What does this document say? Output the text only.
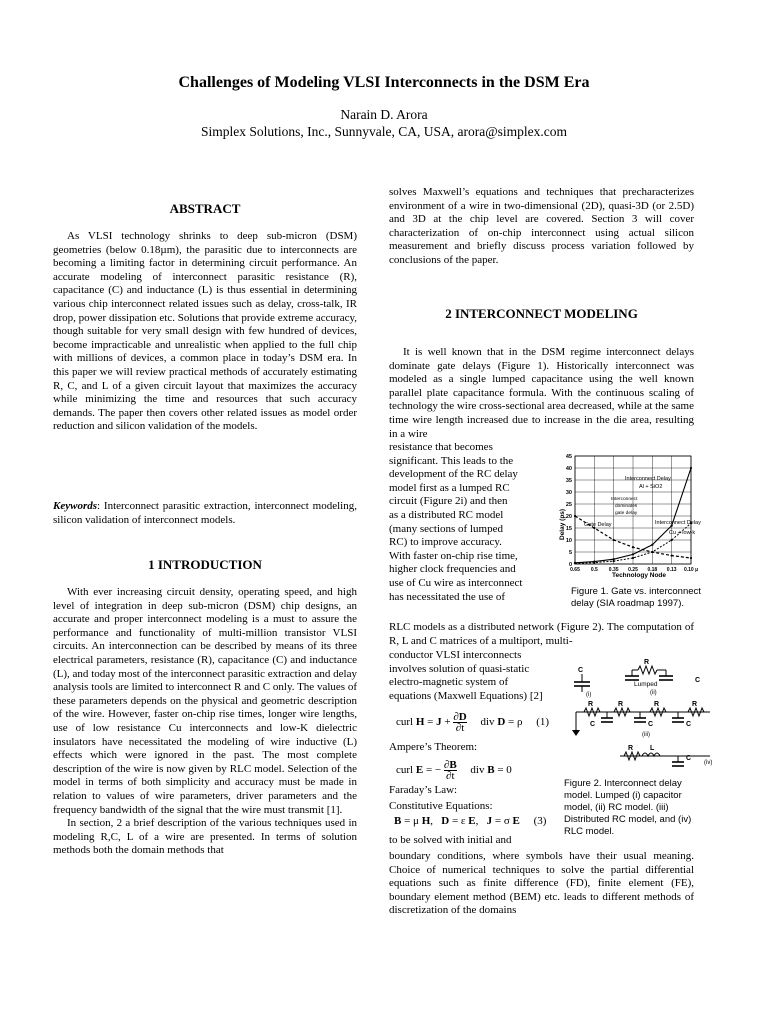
Challenges of Modeling VLSI Interconnects in the DSM Era
Narain D. Arora
Simplex Solutions, Inc., Sunnyvale, CA, USA, arora@simplex.com
ABSTRACT

As VLSI technology shrinks to deep sub-micron (DSM) geometries (below 0.18µm), the parasitic due to interconnects are becoming a limiting factor in determining circuit performance. An accurate modeling of interconnect parasitic resistance (R), capacitance (C) and inductance (L) is thus essential in determining various chip interconnect related issues such as delay, cross-talk, IR drop, power dissipation etc. Solutions that provide extreme accuracy, though suitable for very small design with few hundred of devices, become impracticable and unrealistic when applied to the full chip with millions of devices, a common place in today’s DSM era. In this paper we will review practical methods of accurately estimating R, C, and L of a given circuit layout that maximizes the accuracy while minimizing the time and resources that such accuracy demands. The paper then covers other related issues as model order reduction and silicon validation of the models.

Keywords: Interconnect parasitic extraction, interconnect modeling, silicon validation of interconnect models.

1 INTRODUCTION

With ever increasing circuit density, operating speed, and high level of integration in deep sub-micron (DSM) chip designs, an accurate and proper interconnect modeling is a must to assure the performance and functionality of multi-million transistor VLSI circuits. An interconnection can be described by means of its three electrical parameters, resistance (R), capacitance (C) and inductance (L), and today most of the interconnect parasitic extraction and delay analysis tools are limited to interconnect R and C only. The values of these parameters depends on the physical and geometric description of the wire. However, faster on-chip rise times, longer wire lengths, use of low resistance Cu interconnects and low-K dielectric insulators have necessitated the modeling of wire inductive (L) effects which were ignored in the past. The most complete description of the wire is now given by RLC model. Selection of the model in terms of both simplicity and accuracy must be made in relation to values of wire parameters, driver parameters and the frequency bandwidth of the signal that the wire must transmit [1].

In section, 2 a brief description of the various techniques used in modeling R,C, L of a wire are presented. In terms of solution methods both the domain methods that

solves Maxwell’s equations and techniques that precharacterizes environment of a wire in two-dimensional (2D), quasi-3D (or 2.5D) and 3D at the chip level are covered. Section 3 will cover characterization of on-chip interconnect using actual silicon measurement and briefly discuss process variation followed by conclusions of the paper.

2 INTERCONNECT MODELING

It is well known that in the DSM regime interconnect delays dominate gate delays (Figure 1). Historically interconnect was modeled as a single lumped capacitance using the well known parallel plate capacitance formula. With the continuous scaling of technology the wire cross-sectional area decreased, while at the same time wire length increased due to increase in the die area, resulting in a wire

resistance that becomes
significant. This leads to the
development of the RC delay
model first as a lumped RC
circuit (Figure 2i) and then
as a distributed RC model
(many sections of lumped
RC) to improve accuracy.
With faster on-chip rise time,
higher clock frequencies and
use of Cu wire as interconnect
has necessitated the use of
45
40
35
30
25
20
15
10
5
0
0.65 0.5 0.35 0.25 0.18 0.13 0.10 µ
Delay (ps)
Technology Node
Interconnect Delay
Al + SiO2
Interconnect dominates gate delay
Gate Delay	Interconnect Delay
Cu + low-k
Figure 1. Gate vs. interconnect delay (SIA roadmap 1997).

RLC models as a distributed network (Figure 2). The computation of R, L and C matrices of a multiport, multi-

conductor VLSI interconnects
involves solution of quasi-static
electro-magnetic system of
equations (Maxwell Equations) [2]
curl $H = J + \frac{\partial D}{\partial t}$ div D = ρ     (1)
Ampere’s Theorem:
curl E = − $\frac{\partial B}{\partial t}$ div B = 0
Faraday’s Law:
Constitutive Equations:
B = μ H,   D = ε E,   J = σ E (3)
C
(i)
R
Lumped
C
(ii)
C
R	R	R	R
C	C
(iii)
R L
C
(iv)
Figure 2. Interconnect delay model. Lumped (i) capacitor model, (ii) RC model. (iii) Distributed RC model, and (iv) RLC model.
to be solved with initial and

boundary conditions, where symbols have their usual meaning. Choice of numerical techniques to solve the partial differential equations such as finite difference (FD), finite element (FE), boundary element method (BEM) etc. leads to different methods of discretization of the domains
